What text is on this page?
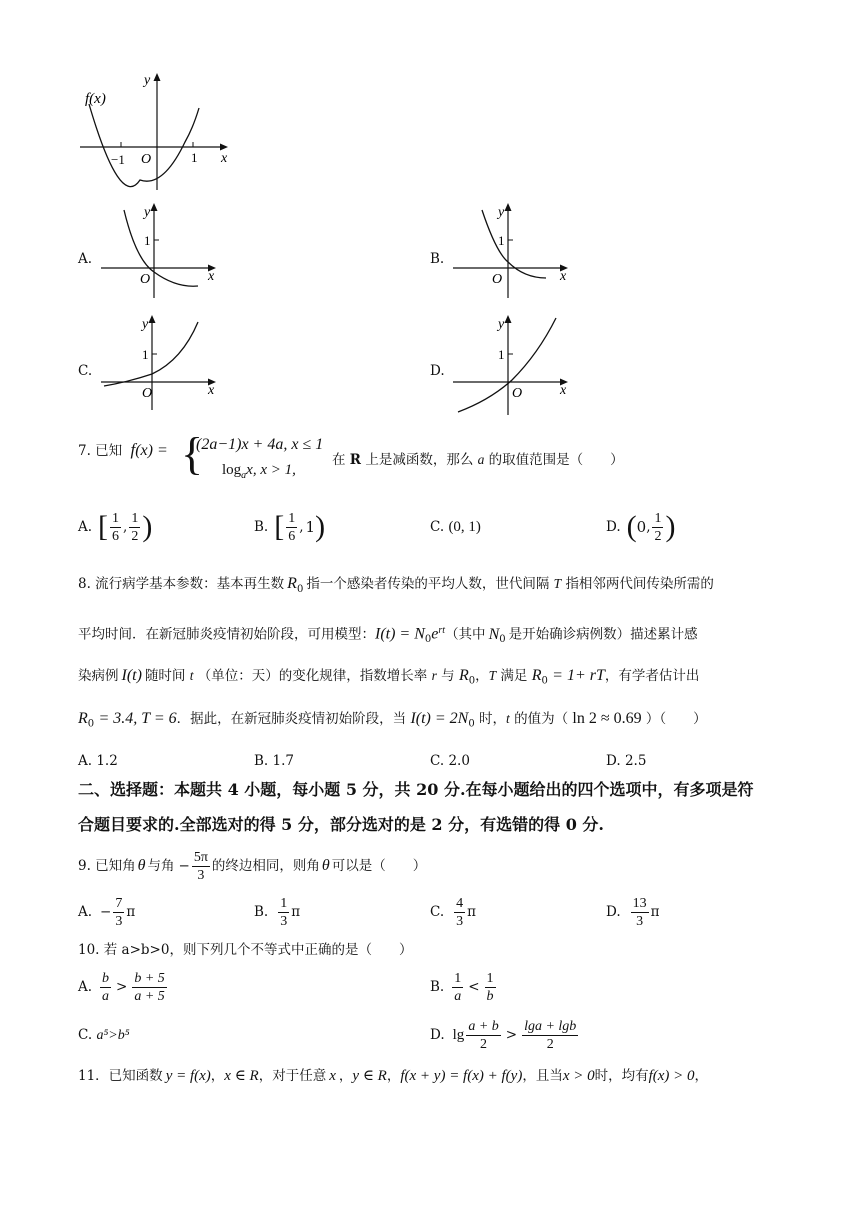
f(x)
y
−1 O	1 x
A.
y
1
O	x
B.
y
1
O	x
C.
y
1
O	x
D.
y
1
O	x
7. 已知 f(x) = {
(2a−1)x + 4a, x ≤ 1
$\log_ax$, x > 1,
在 R 上是减函数，那么 a 的取值范围是（　　）
A. [ $\frac{1}{6}$ , $\frac{1}{2}$ )	B. [ $\frac{1}{6}$ , 1 )	C. (0, 1)	D. ( 0 , $\frac{1}{2}$ )
8. 流行病学基本参数：基本再生数 $R_0$ 指一个感染者传染的平均人数，世代间隔 T 指相邻两代间传染所需的
平均时间．在新冠肺炎疫情初始阶段，可用模型：$I(t) = N_0e^{rt}$（其中 $N_0$ 是开始确诊病例数）描述累计感
染病例 I(t) 随时间 t （单位：天）的变化规律，指数增长率 r 与 $R_0$，T 满足 $R_0 = 1+$ rT，有学者估计出
$R_0 = 3.4$, T = 6．据此，在新冠肺炎疫情初始阶段，当 $I(t) = 2N_0$ 时，t 的值为（ ln 2 ≈ 0.69 ）（　　）
A. 1.2	B. 1.7	C. 2.0	D. 2.5
二、选择题：本题共 4 小题，每小题 5 分，共 20 分.在每小题给出的四个选项中，有多项是符
合题目要求的.全部选对的得 5 分，部分选对的是 2 分，有选错的得 0 分.
9. 已知角 θ 与角 − $\frac{5\pi}{3}$ 的终边相同，则角 θ 可以是（　　）
A. − $\frac{7}{3}$ π	B. $\frac{1}{3}$ π	C. $\frac{4}{3}$ π	D. $\frac{13}{3}$ π
10. 若 a>b>0，则下列几个不等式中正确的是（　　）
A. $\frac{b}{a} > \frac{b + 5}{a + 5}$	B. $\frac{1}{a} < \frac{1}{b}$
C. a⁵>b⁵	D. $\lg \frac{a + b}{2} > \frac{\lg a + \lg b}{2}$
11．已知函数 y = f(x)，x ∈ R，对于任意 x ，y ∈ R，f(x + y) = f(x) + f(y)，且当x > 0时，均有f(x) > 0，
